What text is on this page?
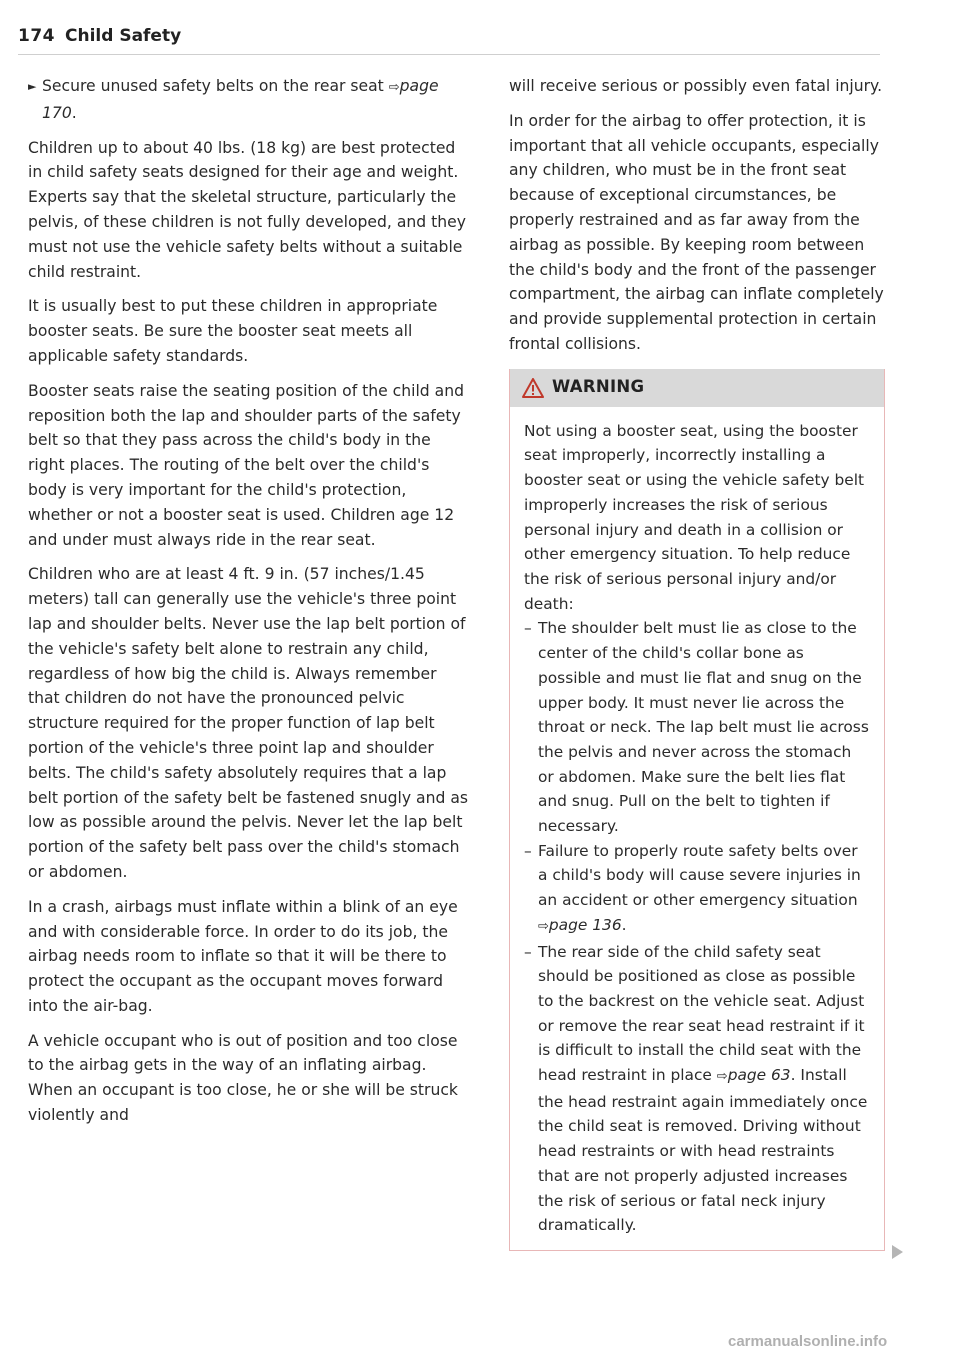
174 Child Safety

► Secure unused safety belts on the rear seat ⇨page 170.

Children up to about 40 lbs. (18 kg) are best protected in child safety seats designed for their age and weight. Experts say that the skeletal structure, particularly the pelvis, of these children is not fully developed, and they must not use the vehicle safety belts without a suitable child restraint.

It is usually best to put these children in appropriate booster seats. Be sure the booster seat meets all applicable safety standards.

Booster seats raise the seating position of the child and reposition both the lap and shoulder parts of the safety belt so that they pass across the child's body in the right places. The routing of the belt over the child's body is very important for the child's protection, whether or not a booster seat is used. Children age 12 and under must always ride in the rear seat.

Children who are at least 4 ft. 9 in. (57 inches/1.45 meters) tall can generally use the vehicle's three point lap and shoulder belts. Never use the lap belt portion of the vehicle's safety belt alone to restrain any child, regardless of how big the child is. Always remember that children do not have the pronounced pelvic structure required for the proper function of lap belt portion of the vehicle's three point lap and shoulder belts. The child's safety absolutely requires that a lap belt portion of the safety belt be fastened snugly and as low as possible around the pelvis. Never let the lap belt portion of the safety belt pass over the child's stomach or abdomen.

In a crash, airbags must inflate within a blink of an eye and with considerable force. In order to do its job, the airbag needs room to inflate so that it will be there to protect the occupant as the occupant moves forward into the air-bag.

A vehicle occupant who is out of position and too close to the airbag gets in the way of an inflating airbag. When an occupant is too close, he or she will be struck violently and

will receive serious or possibly even fatal injury.

In order for the airbag to offer protection, it is important that all vehicle occupants, especially any children, who must be in the front seat because of exceptional circumstances, be properly restrained and as far away from the airbag as possible. By keeping room between the child's body and the front of the passenger compartment, the airbag can inflate completely and provide supplemental protection in certain frontal collisions.

WARNING

Not using a booster seat, using the booster seat improperly, incorrectly installing a booster seat or using the vehicle safety belt improperly increases the risk of serious personal injury and death in a collision or other emergency situation. To help reduce the risk of serious personal injury and/or death:

– The shoulder belt must lie as close to the center of the child's collar bone as possible and must lie flat and snug on the upper body. It must never lie across the throat or neck. The lap belt must lie across the pelvis and never across the stomach or abdomen. Make sure the belt lies flat and snug. Pull on the belt to tighten if necessary.

– Failure to properly route safety belts over a child's body will cause severe injuries in an accident or other emergency situation ⇨page 136.

– The rear side of the child safety seat should be positioned as close as possible to the backrest on the vehicle seat. Adjust or remove the rear seat head restraint if it is difficult to install the child seat with the head restraint in place ⇨page 63. Install the head restraint again immediately once the child seat is removed. Driving without head restraints or with head restraints that are not properly adjusted increases the risk of serious or fatal neck injury dramatically.

carmanualsonline.info
